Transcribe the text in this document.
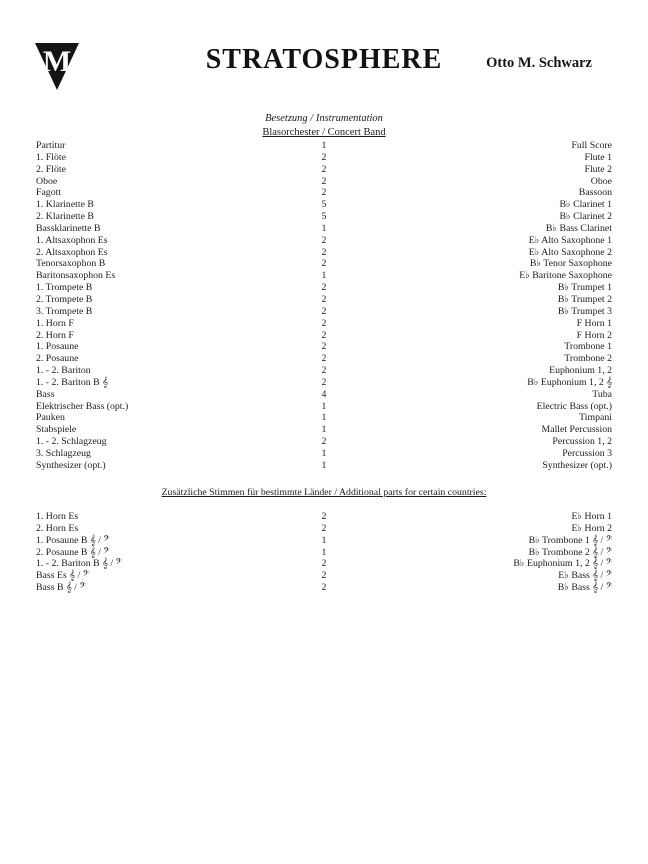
M	STRATOSPHERE	Otto M. Schwarz
Besetzung / Instrumentation
Blasorchester / Concert Band
Partitur	1	Full Score
1. Flöte	2	Flute 1
2. Flöte	2	Flute 2
Oboe	2	Oboe
Fagott	2	Bassoon
1. Klarinette B	5	B♭ Clarinet 1
2. Klarinette B	5	B♭ Clarinet 2
Bassklarinette B	1	B♭ Bass Clarinet
1. Altsaxophon Es	2	E♭ Alto Saxophone 1
2. Altsaxophon Es	2	E♭ Alto Saxophone 2
Tenorsaxophon B	2	B♭ Tenor Saxophone
Baritonsaxophon Es	1	E♭ Baritone Saxophone
1. Trompete B	2	B♭ Trumpet 1
2. Trompete B	2	B♭ Trumpet 2
3. Trompete B	2	B♭ Trumpet 3
1. Horn F	2	F Horn 1
2. Horn F	2	F Horn 2
1. Posaune	2	Trombone 1
2. Posaune	2	Trombone 2
1. - 2. Bariton	2	Euphonium 1, 2
1. - 2. Bariton B 𝄞	2	B♭ Euphonium 1, 2 𝄞
Bass	4	Tuba
Elektrischer Bass (opt.)	1	Electric Bass (opt.)
Pauken	1	Timpani
Stabspiele	1	Mallet Percussion
1. - 2. Schlagzeug	2	Percussion 1, 2
3. Schlagzeug	1	Percussion 3
Synthesizer (opt.)	1	Synthesizer (opt.)
Zusätzliche Stimmen für bestimmte Länder / Additional parts for certain countries:
1. Horn Es	2	E♭ Horn 1
2. Horn Es	2	E♭ Horn 2
1. Posaune B 𝄞 / 𝄢	1	B♭ Trombone 1 𝄞 / 𝄢
2. Posaune B 𝄞 / 𝄢	1	B♭ Trombone 2 𝄞 / 𝄢
1. - 2. Bariton B 𝄞 / 𝄢	2	B♭ Euphonium 1, 2 𝄞 / 𝄢
Bass Es 𝄞 / 𝄢	2	E♭ Bass 𝄞 / 𝄢
Bass B 𝄞 / 𝄢	2	B♭ Bass 𝄞 / 𝄢
